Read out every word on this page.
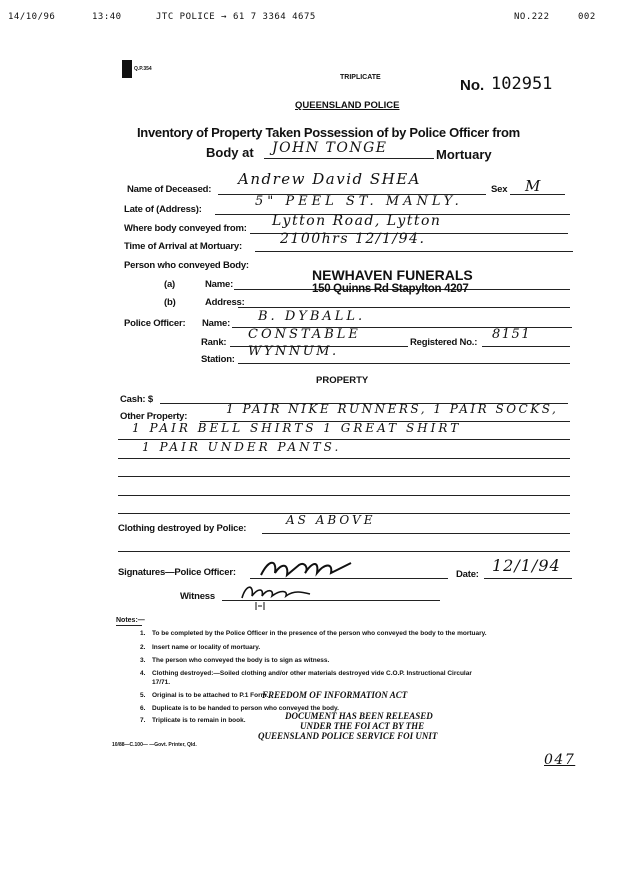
14/10/96	13:40	JTC POLICE → 61 7 3364 4675	NO.222	002
Q.P.354
TRIPLICATE	No. 102951
QUEENSLAND POLICE
Inventory of Property Taken Possession of by Police Officer from
Body at JOHN TONGE	Mortuary
Name of Deceased:
Andrew David SHEA
Sex M
Late of (Address):
5" PEEL ST. MANLY.
Where body conveyed from: Lytton Road, Lytton
Time of Arrival at Mortuary:	2100hrs 12/1/94.
Person who conveyed Body:
(a)	Name:
NEWHAVEN FUNERALS
(b)	Address:
150 Quinns Rd Stapylton 4207
Police Officer: Name: B. DYBALL.
Rank:
CONSTABLE
Registered No.:
8151
Station:
WYNNUM.
PROPERTY
Cash: $
Other Property:
1 PAIR NIKE RUNNERS, 1 PAIR SOCKS,
1 PAIR BELL SHIRTS 1 GREAT SHIRT
1 PAIR UNDER PANTS.
Clothing destroyed by Police:
AS ABOVE
Signatures—Police Officer:	Date: 12/1/94
Witness
Notes:—
1. To be completed by the Police Officer in the presence of the person who conveyed the body to the mortuary.
2. Insert name or locality of mortuary.
3. The person who conveyed the body is to sign as witness.
4. Clothing destroyed:—Soiled clothing and/or other materials destroyed vide C.O.P. Instructional Circular
17/71.
5. Original is to be attached to P.1 Form.
6. Duplicate is to be handed to person who conveyed the body.
7. Triplicate is to remain in book.
10/88—C.100— —Govt. Printer, Qld.
FREEDOM OF INFORMATION ACT
DOCUMENT HAS BEEN RELEASED
UNDER THE FOI ACT BY THE
QUEENSLAND POLICE SERVICE FOI UNIT
047
